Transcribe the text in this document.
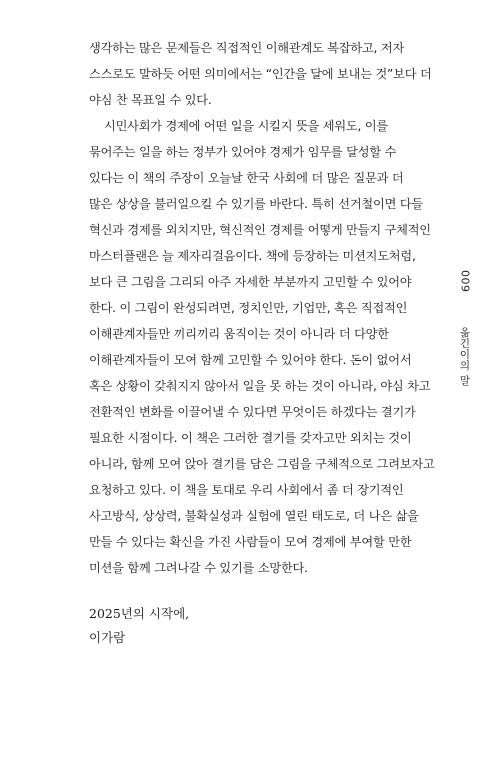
생각하는 많은 문제들은 직접적인 이해관계도 복잡하고, 저자
스스로도 말하듯 어떤 의미에서는 “인간을 달에 보내는 것”보다 더
야심 찬 목표일 수 있다.
시민사회가 경제에 어떤 일을 시킬지 뜻을 세워도, 이를
묶어주는 일을 하는 정부가 있어야 경제가 임무를 달성할 수
있다는 이 책의 주장이 오늘날 한국 사회에 더 많은 질문과 더
많은 상상을 불러일으킬 수 있기를 바란다. 특히 선거철이면 다들
혁신과 경제를 외치지만, 혁신적인 경제를 어떻게 만들지 구체적인
마스터플랜은 늘 제자리걸음이다. 책에 등장하는 미션지도처럼,
보다 큰 그림을 그리되 아주 자세한 부분까지 고민할 수 있어야
한다. 이 그림이 완성되려면, 정치인만, 기업만, 혹은 직접적인
이해관계자들만 끼리끼리 움직이는 것이 아니라 더 다양한
이해관계자들이 모여 함께 고민할 수 있어야 한다. 돈이 없어서
혹은 상황이 갖춰지지 않아서 일을 못 하는 것이 아니라, 야심 차고
전환적인 변화를 이끌어낼 수 있다면 무엇이든 하겠다는 결기가
필요한 시점이다. 이 책은 그러한 결기를 갖자고만 외치는 것이
아니라, 함께 모여 앉아 결기를 담은 그림을 구체적으로 그려보자고
요청하고 있다. 이 책을 토대로 우리 사회에서 좀 더 장기적인
사고방식, 상상력, 불확실성과 실험에 열린 태도로, 더 나은 삶을
만들 수 있다는 확신을 가진 사람들이 모여 경제에 부여할 만한
미션을 함께 그려나갈 수 있기를 소망한다.
2025년의 시작에,
이가람
009
옮긴이의 말
